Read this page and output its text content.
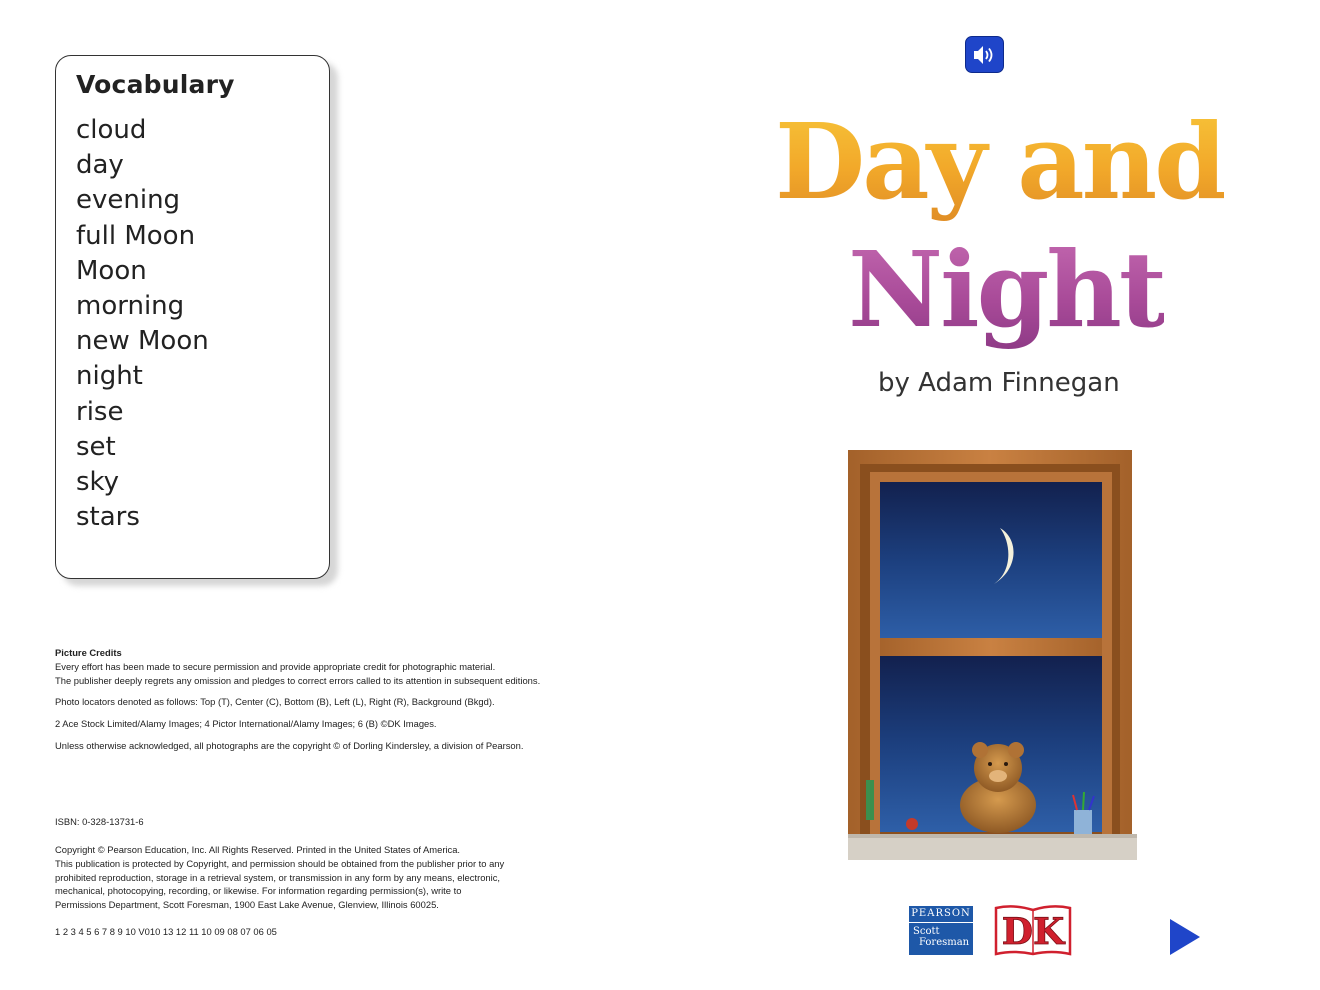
Vocabulary
cloud
day
evening
full Moon
Moon
morning
new Moon
night
rise
set
sky
stars
Picture Credits
Every effort has been made to secure permission and provide appropriate credit for photographic material.
The publisher deeply regrets any omission and pledges to correct errors called to its attention in subsequent editions.
Photo locators denoted as follows: Top (T), Center (C), Bottom (B), Left (L), Right (R), Background (Bkgd).
2 Ace Stock Limited/Alamy Images; 4 Pictor International/Alamy Images; 6 (B) ©DK Images.
Unless otherwise acknowledged, all photographs are the copyright © of Dorling Kindersley, a division of Pearson.
ISBN: 0-328-13731-6
Copyright © Pearson Education, Inc. All Rights Reserved. Printed in the United States of America.
This publication is protected by Copyright, and permission should be obtained from the publisher prior to any
prohibited reproduction, storage in a retrieval system, or transmission in any form by any means, electronic,
mechanical, photocopying, recording, or likewise. For information regarding permission(s), write to
Permissions Department, Scott Foresman, 1900 East Lake Avenue, Glenview, Illinois 60025.
1 2 3 4 5 6 7 8 9 10 V010 13 12 11 10 09 08 07 06 05
Day and
Night
by Adam Finnegan
PEARSON
Scott
Foresman DK
